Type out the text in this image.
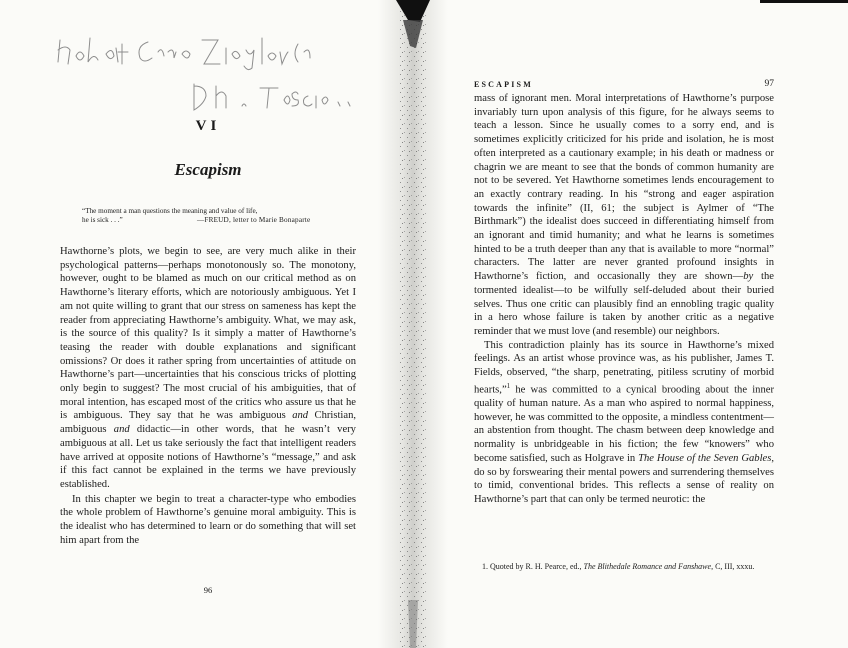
VI
Escapism
“The moment a man questions the meaning and value of life,
he is sick . . .”	—FREUD, letter to Marie Bonaparte

Hawthorne’s plots, we begin to see, are very much alike in their psychological patterns—perhaps monotonously so. The monotony, however, ought to be blamed as much on our critical method as on Hawthorne’s literary efforts, which are notoriously ambiguous. Yet I am not quite willing to grant that our stress on sameness has kept the reader from appreciating Hawthorne’s ambiguity. What, we may ask, is the source of this quality? Is it simply a matter of Hawthorne’s teasing the reader with double explanations and significant omissions? Or does it rather spring from uncertainties of attitude on Hawthorne’s part—uncertainties that his conscious tricks of plotting only begin to suggest? The most crucial of his ambiguities, that of moral intention, has escaped most of the critics who assure us that he is ambiguous. They say that he was ambiguous and Christian, ambiguous and didactic—in other words, that he wasn’t very ambiguous at all. Let us take seriously the fact that intelligent readers have arrived at opposite notions of Hawthorne’s “message,” and ask if this fact cannot be explained in the terms we have previously established.

In this chapter we begin to treat a character-type who embodies the whole problem of Hawthorne’s genuine moral ambiguity. This is the idealist who has determined to learn or do something that will set him apart from the

96
ESCAPISM	97

mass of ignorant men. Moral interpretations of Hawthorne’s purpose invariably turn upon analysis of this figure, for he always seems to teach a lesson. Since he usually comes to a sorry end, and is sometimes explicitly criticized for his pride and isolation, he is most often interpreted as a cautionary example; in his death or madness or chagrin we are meant to see that the bonds of common humanity are not to be severed. Yet Hawthorne sometimes lends encouragement to an exactly contrary reading. In his “strong and eager aspiration towards the infinite” (II, 61; the subject is Aylmer of “The Birthmark”) the idealist does succeed in differentiating himself from an ignorant and timid humanity; and what he learns is sometimes hinted to be a truth deeper than any that is available to more “normal” characters. The latter are never granted profound insights in Hawthorne’s fiction, and occasionally they are shown—by the tormented idealist—to be wilfully self-deluded about their buried selves. Thus one critic can plausibly find an ennobling tragic quality in a hero whose failure is taken by another critic as a negative reminder that we must love (and resemble) our neighbors.

This contradiction plainly has its source in Hawthorne’s mixed feelings. As an artist whose province was, as his publisher, James T. Fields, observed, “the sharp, penetrating, pitiless scrutiny of morbid hearts,”$^1$ he was committed to a cynical brooding about the inner quality of human nature. As a man who aspired to normal happiness, however, he was committed to the opposite, a mindless contentment—an abstention from thought. The chasm between deep knowledge and normality is unbridgeable in his fiction; the few “knowers” who become satisfied, such as Holgrave in The House of the Seven Gables, do so by forswearing their mental powers and surrendering themselves to timid, conventional brides. This reflects a sense of reality on Hawthorne’s part that can only be termed neurotic: the

1. Quoted by R. H. Pearce, ed., The Blithedale Romance and Fanshawe, C, III, xxxu.
